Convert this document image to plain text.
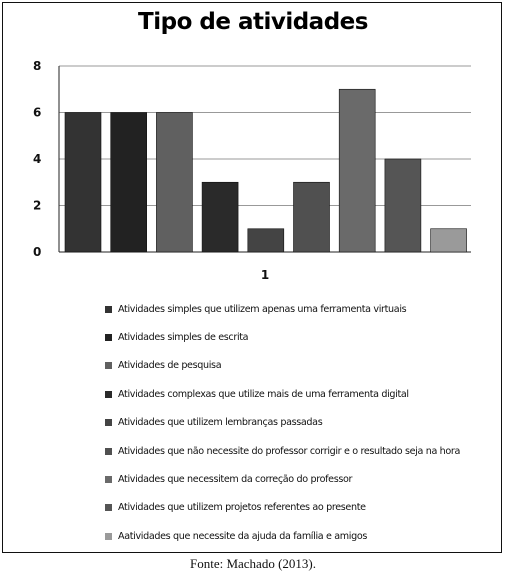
Tipo de atividades
0
2
4
6
8
1
Atividades simples que utilizem apenas uma ferramenta virtuais
Atividades simples de escrita
Atividades de pesquisa
Atividades complexas que utilize mais de uma ferramenta digital
Atividades que utilizem lembranças passadas
Atividades que não necessite do professor corrigir e o resultado seja na hora
Atividades que necessitem da correção do professor
Atividades que utilizem projetos referentes ao presente
Aatividades que necessite da ajuda da família e amigos
Fonte: Machado (2013).
